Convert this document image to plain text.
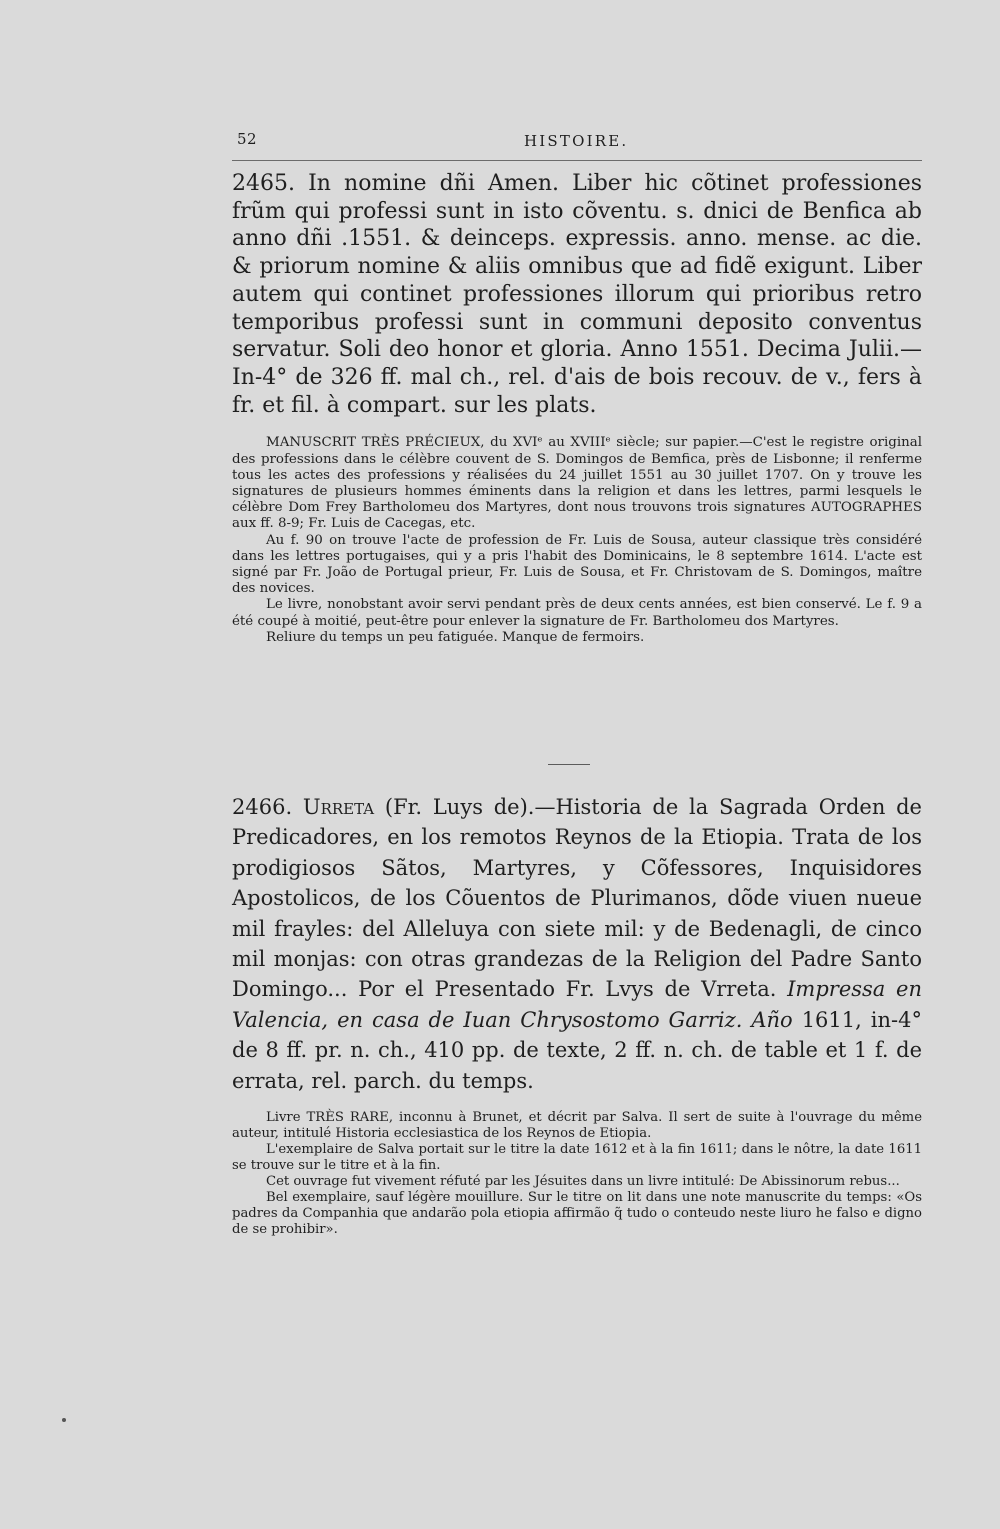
52	HISTOIRE.
2465. In nomine dñi Amen. Liber hic cõtinet professiones frũm qui professi sunt in isto cõventu. s. dnici de Benfica ab anno dñi .1551. & deinceps. expressis. anno. mense. ac die. & priorum nomine & aliis omnibus que ad fidẽ exigunt. Liber autem qui continet professiones illorum qui prioribus retro temporibus professi sunt in communi deposito conventus servatur. Soli deo honor et gloria. Anno 1551. Decima Julii.—In-4° de 326 ff. mal ch., rel. d'ais de bois recouv. de v., fers à fr. et fil. à compart. sur les plats.

MANUSCRIT TRÈS PRÉCIEUX, du XVIᵉ au XVIIIᵉ siècle; sur papier.—C'est le registre original des professions dans le célèbre couvent de S. Domingos de Bemfica, près de Lisbonne; il renferme tous les actes des professions y réalisées du 24 juillet 1551 au 30 juillet 1707. On y trouve les signatures de plusieurs hommes éminents dans la religion et dans les lettres, parmi lesquels le célèbre Dom Frey Bartholomeu dos Martyres, dont nous trouvons trois signatures AUTOGRAPHES aux ff. 8-9; Fr. Luis de Cacegas, etc.

Au f. 90 on trouve l'acte de profession de Fr. Luis de Sousa, auteur classique très considéré dans les lettres portugaises, qui y a pris l'habit des Dominicains, le 8 septembre 1614. L'acte est signé par Fr. João de Portugal prieur, Fr. Luis de Sousa, et Fr. Christovam de S. Domingos, maître des novices.

Le livre, nonobstant avoir servi pendant près de deux cents années, est bien conservé. Le f. 9 a été coupé à moitié, peut-être pour enlever la signature de Fr. Bartholomeu dos Martyres.

Reliure du temps un peu fatiguée. Manque de fermoirs.

2466. Urreta (Fr. Luys de).—Historia de la Sagrada Orden de Predicadores, en los remotos Reynos de la Etiopia. Trata de los prodigiosos Sãtos, Martyres, y Cõfessores, Inquisidores Apostolicos, de los Cõuentos de Plurimanos, dõde viuen nueue mil frayles: del Alleluya con siete mil: y de Bedenagli, de cinco mil monjas: con otras grandezas de la Religion del Padre Santo Domingo... Por el Presentado Fr. Lvys de Vrreta. Impressa en Valencia, en casa de Iuan Chrysostomo Garriz. Año 1611, in-4° de 8 ff. pr. n. ch., 410 pp. de texte, 2 ff. n. ch. de table et 1 f. de errata, rel. parch. du temps.

Livre TRÈS RARE, inconnu à Brunet, et décrit par Salva. Il sert de suite à l'ouvrage du même auteur, intitulé Historia ecclesiastica de los Reynos de Etiopia.

L'exemplaire de Salva portait sur le titre la date 1612 et à la fin 1611; dans le nôtre, la date 1611 se trouve sur le titre et à la fin.

Cet ouvrage fut vivement réfuté par les Jésuites dans un livre intitulé: De Abissinorum rebus...

Bel exemplaire, sauf légère mouillure. Sur le titre on lit dans une note manuscrite du temps: «Os padres da Companhia que andarão pola etiopia affirmão q̃ tudo o conteudo neste liuro he falso e digno de se prohibir».
